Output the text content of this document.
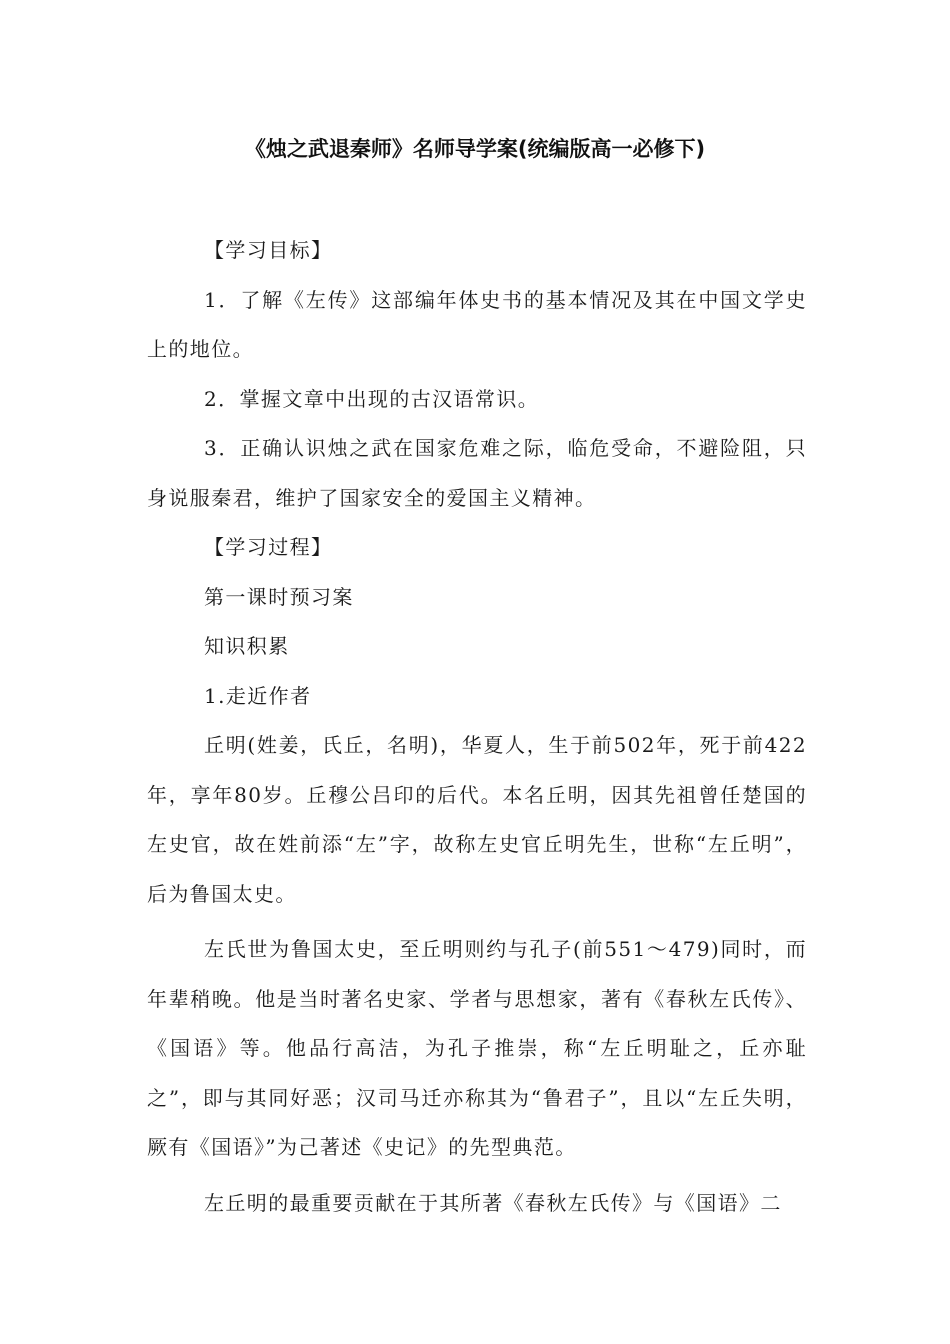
《烛之武退秦师》名师导学案(统编版高一必修下)

【学习目标】

1．了解《左传》这部编年体史书的基本情况及其在中国文学史上的地位。

2．掌握文章中出现的古汉语常识。

3．正确认识烛之武在国家危难之际，临危受命，不避险阻，只身说服秦君，维护了国家安全的爱国主义精神。

【学习过程】

第一课时预习案

知识积累

1.走近作者

丘明(姓姜，氏丘，名明)，华夏人，生于前502年，死于前422年，享年80岁。丘穆公吕印的后代。本名丘明，因其先祖曾任楚国的左史官，故在姓前添“左”字，故称左史官丘明先生，世称“左丘明”，后为鲁国太史。

左氏世为鲁国太史，至丘明则约与孔子(前551～479)同时，而年辈稍晚。他是当时著名史家、学者与思想家，著有《春秋左氏传》、《国语》等。他品行高洁，为孔子推崇，称“左丘明耻之，丘亦耻之”，即与其同好恶；汉司马迁亦称其为“鲁君子”，且以“左丘失明，厥有《国语》”为己著述《史记》的先型典范。

左丘明的最重要贡献在于其所著《春秋左氏传》与《国语》二
